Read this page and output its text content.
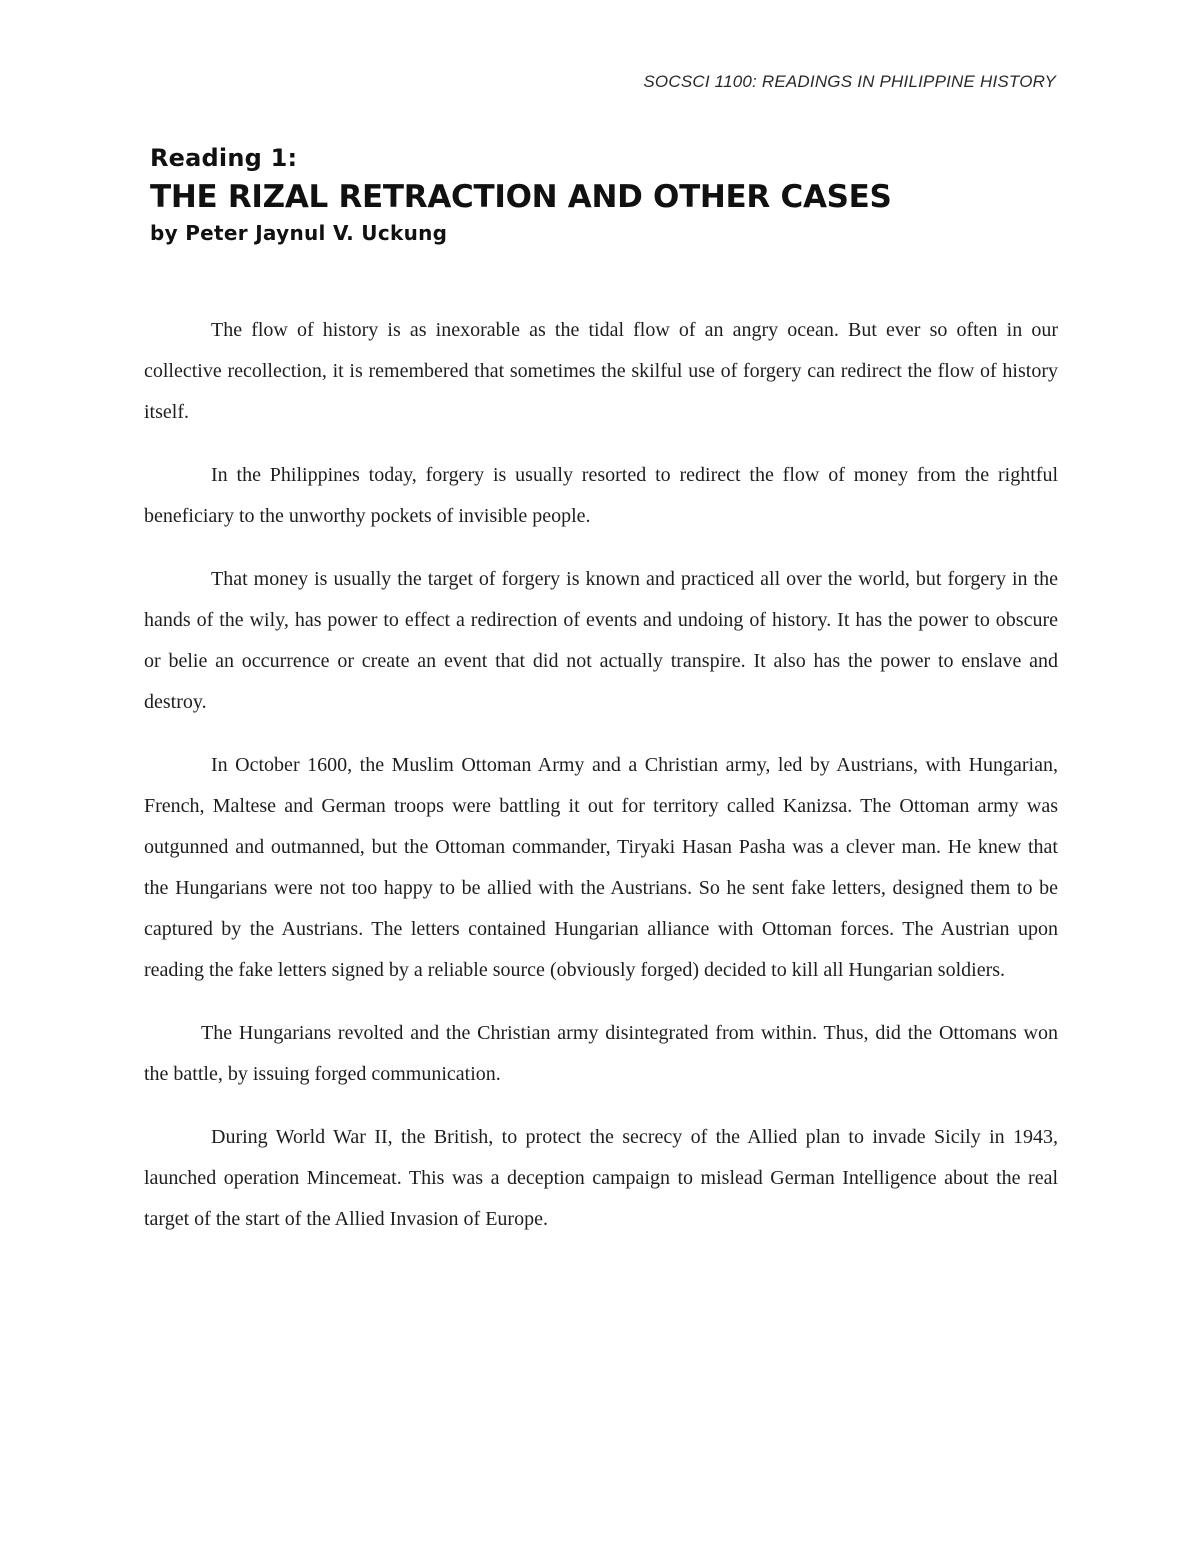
SOCSCI 1100: READINGS IN PHILIPPINE HISTORY
Reading 1:
THE RIZAL RETRACTION AND OTHER CASES
by Peter Jaynul V. Uckung

The flow of history is as inexorable as the tidal flow of an angry ocean. But ever so often in our collective recollection, it is remembered that sometimes the skilful use of forgery can redirect the flow of history itself.

In the Philippines today, forgery is usually resorted to redirect the flow of money from the rightful beneficiary to the unworthy pockets of invisible people.

That money is usually the target of forgery is known and practiced all over the world, but forgery in the hands of the wily, has power to effect a redirection of events and undoing of history. It has the power to obscure or belie an occurrence or create an event that did not actually transpire. It also has the power to enslave and destroy.

In October 1600, the Muslim Ottoman Army and a Christian army, led by Austrians, with Hungarian, French, Maltese and German troops were battling it out for territory called Kanizsa. The Ottoman army was outgunned and outmanned, but the Ottoman commander, Tiryaki Hasan Pasha was a clever man. He knew that the Hungarians were not too happy to be allied with the Austrians. So he sent fake letters, designed them to be captured by the Austrians. The letters contained Hungarian alliance with Ottoman forces. The Austrian upon reading the fake letters signed by a reliable source (obviously forged) decided to kill all Hungarian soldiers.

The Hungarians revolted and the Christian army disintegrated from within. Thus, did the Ottomans won the battle, by issuing forged communication.

During World War II, the British, to protect the secrecy of the Allied plan to invade Sicily in 1943, launched operation Mincemeat. This was a deception campaign to mislead German Intelligence about the real target of the start of the Allied Invasion of Europe.
